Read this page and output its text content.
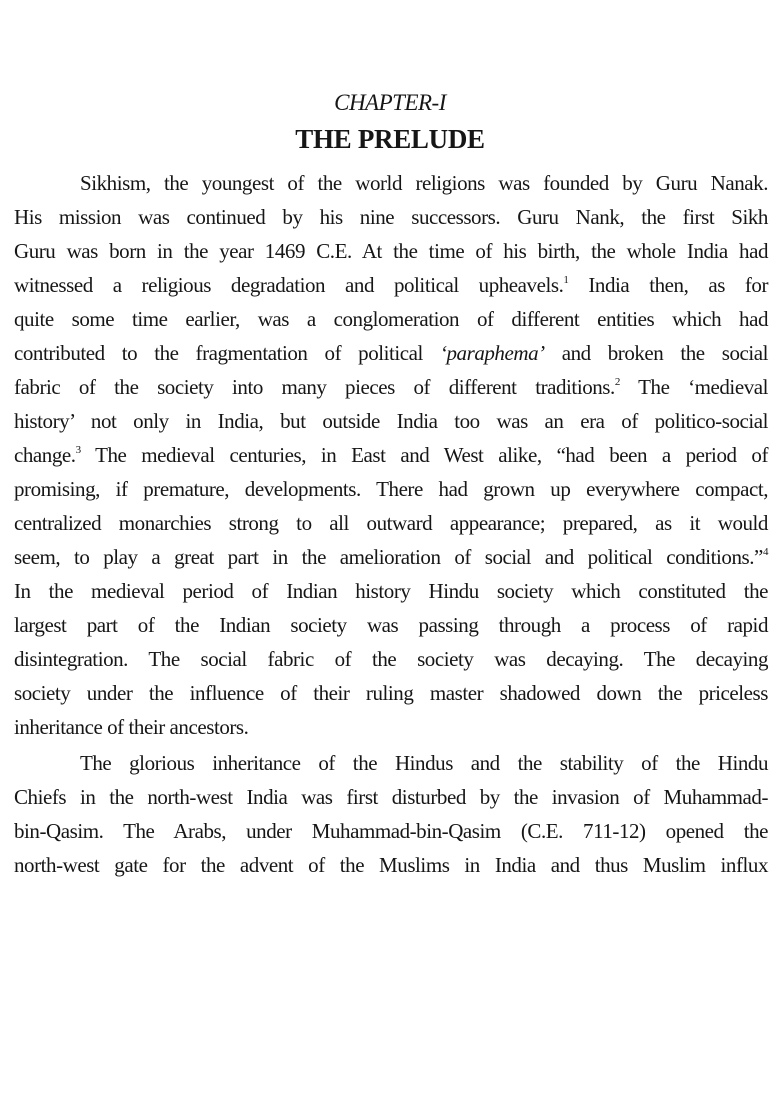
CHAPTER-I
THE PRELUDE
Sikhism, the youngest of the world religions was founded by Guru Nanak.
His mission was continued by his nine successors. Guru Nank, the first Sikh
Guru was born in the year 1469 C.E. At the time of his birth, the whole India had
witnessed a religious degradation and political upheavels.$^1$ India then, as for
quite some time earlier, was a conglomeration of different entities which had
contributed to the fragmentation of political ‘paraphema’ and broken the social
fabric of the society into many pieces of different traditions.$^2$ The ‘medieval
history’ not only in India, but outside India too was an era of politico-social
change.$^3$ The medieval centuries, in East and West alike, “had been a period of
promising, if premature, developments. There had grown up everywhere compact,
centralized monarchies strong to all outward appearance; prepared, as it would
seem, to play a great part in the amelioration of social and political conditions.”$^4$
In the medieval period of Indian history Hindu society which constituted the
largest part of the Indian society was passing through a process of rapid
disintegration. The social fabric of the society was decaying. The decaying
society under the influence of their ruling master shadowed down the priceless
inheritance of their ancestors.
The glorious inheritance of the Hindus and the stability of the Hindu
Chiefs in the north-west India was first disturbed by the invasion of Muhammad-
bin-Qasim. The Arabs, under Muhammad-bin-Qasim (C.E. 711-12) opened the
north-west gate for the advent of the Muslims in India and thus Muslim influx
